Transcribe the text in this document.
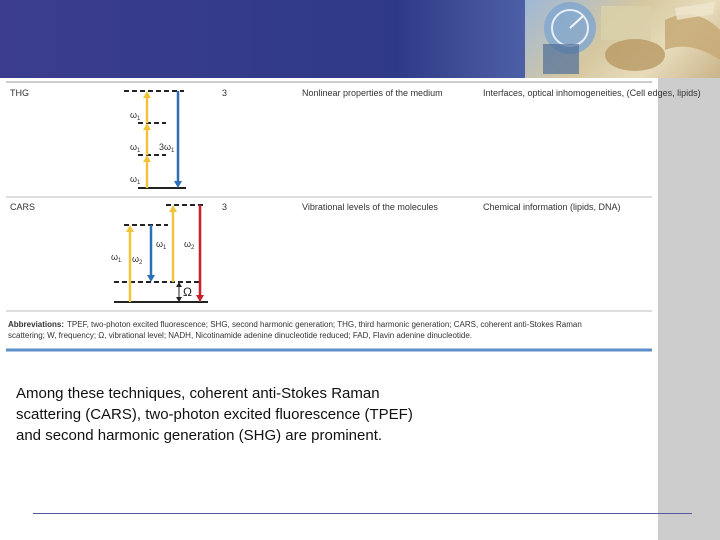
THG	3	Nonlinear properties of the medium	Interfaces, optical inhomogeneities, (Cell edges, lipids)
$\omega_1$
$\omega_1$ $3\omega_1$
$\omega_1$
CARS	3	Vibrational levels of the molecules	Chemical information (lipids, DNA)
$\omega_1$ $\omega_2$
$\omega_1$ $\omega_2$
Ω
Abbreviations: TPEF, two-photon excited fluorescence; SHG, second harmonic generation; THG, third harmonic generation; CARS, coherent anti-Stokes Raman
scattering; W, frequency; Ω, vibrational level; NADH, Nicotinamide adenine dinucleotide reduced; FAD, Flavin adenine dinucleotide.
Among these techniques, coherent anti-Stokes Raman
scattering (CARS), two-photon excited fluorescence (TPEF)
and second harmonic generation (SHG) are prominent.
